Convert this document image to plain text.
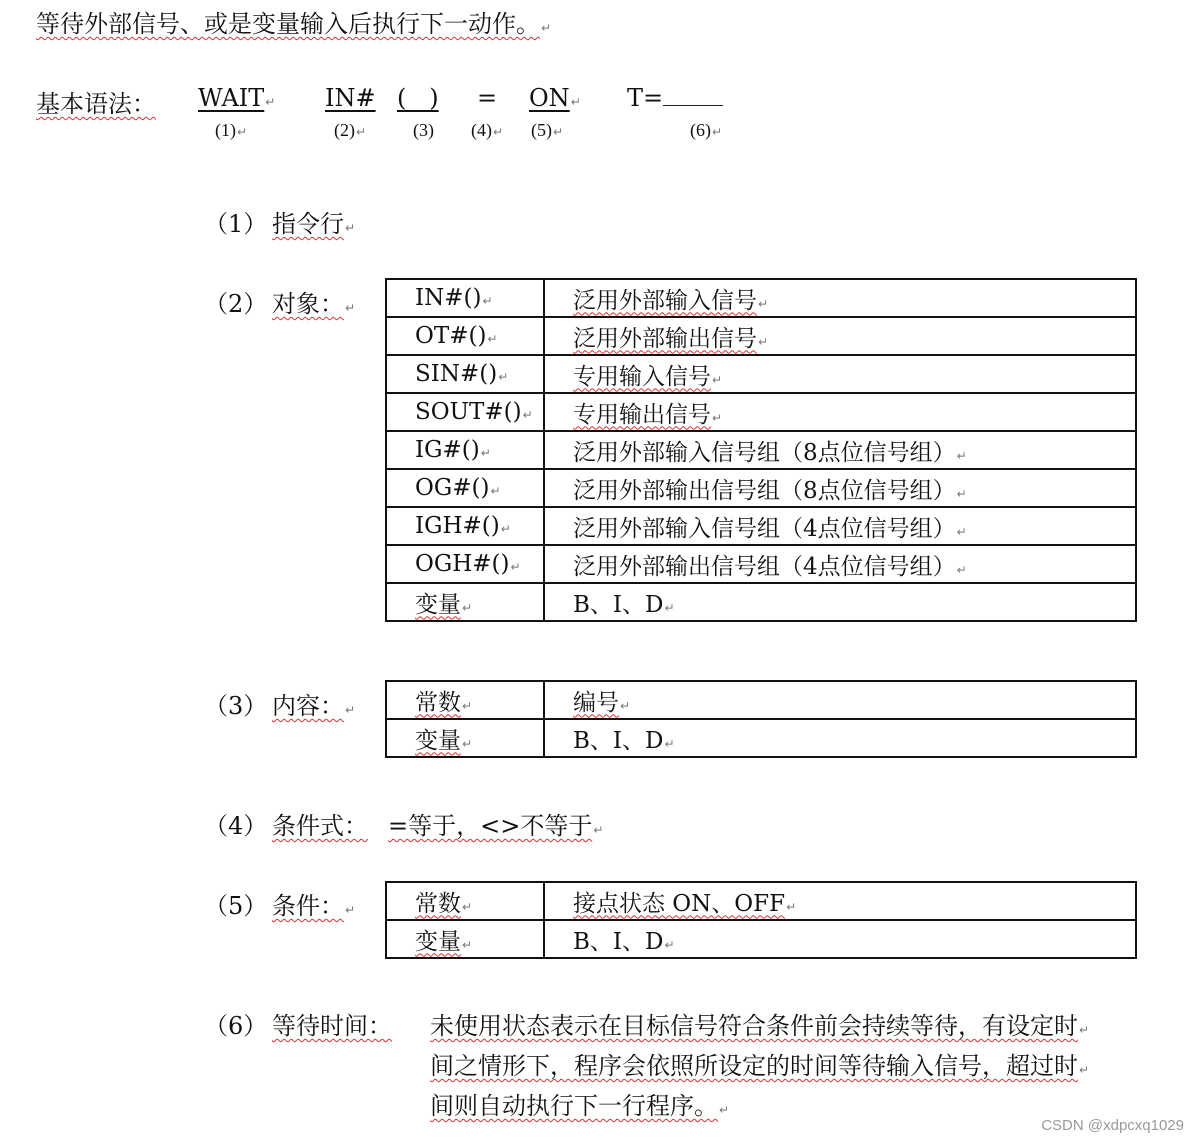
等待外部信号、或是变量输入后执行下一动作。↵
基本语法： WAIT↵ IN# (   ) = ON↵ T=
(1)↵	(2)↵	(3) (4)↵ (5)↵	(6)↵
（1） 指令行↵
（2） 对象：↵	IN#()↵	泛用外部输入信号↵
OT#()↵	泛用外部输出信号↵
SIN#()↵	专用输入信号↵
SOUT#()↵	专用输出信号↵
IG#()↵	泛用外部输入信号组（8点位信号组）↵
OG#()↵	泛用外部输出信号组（8点位信号组）↵
IGH#()↵	泛用外部输入信号组（4点位信号组）↵
OGH#()↵	泛用外部输出信号组（4点位信号组）↵
变量↵	B、I、D↵
（3） 内容：↵	常数↵	编号↵
变量↵	B、I、D↵
（4） 条件式： =等于，<>不等于↵
（5） 条件：↵	常数↵	接点状态 ON、OFF↵
变量↵	B、I、D↵
（6） 等待时间： 未使用状态表示在目标信号符合条件前会持续等待，有设定时↵
间之情形下，程序会依照所设定的时间等待输入信号，超过时↵
间则自动执行下一行程序。↵
CSDN @xdpcxq1029
